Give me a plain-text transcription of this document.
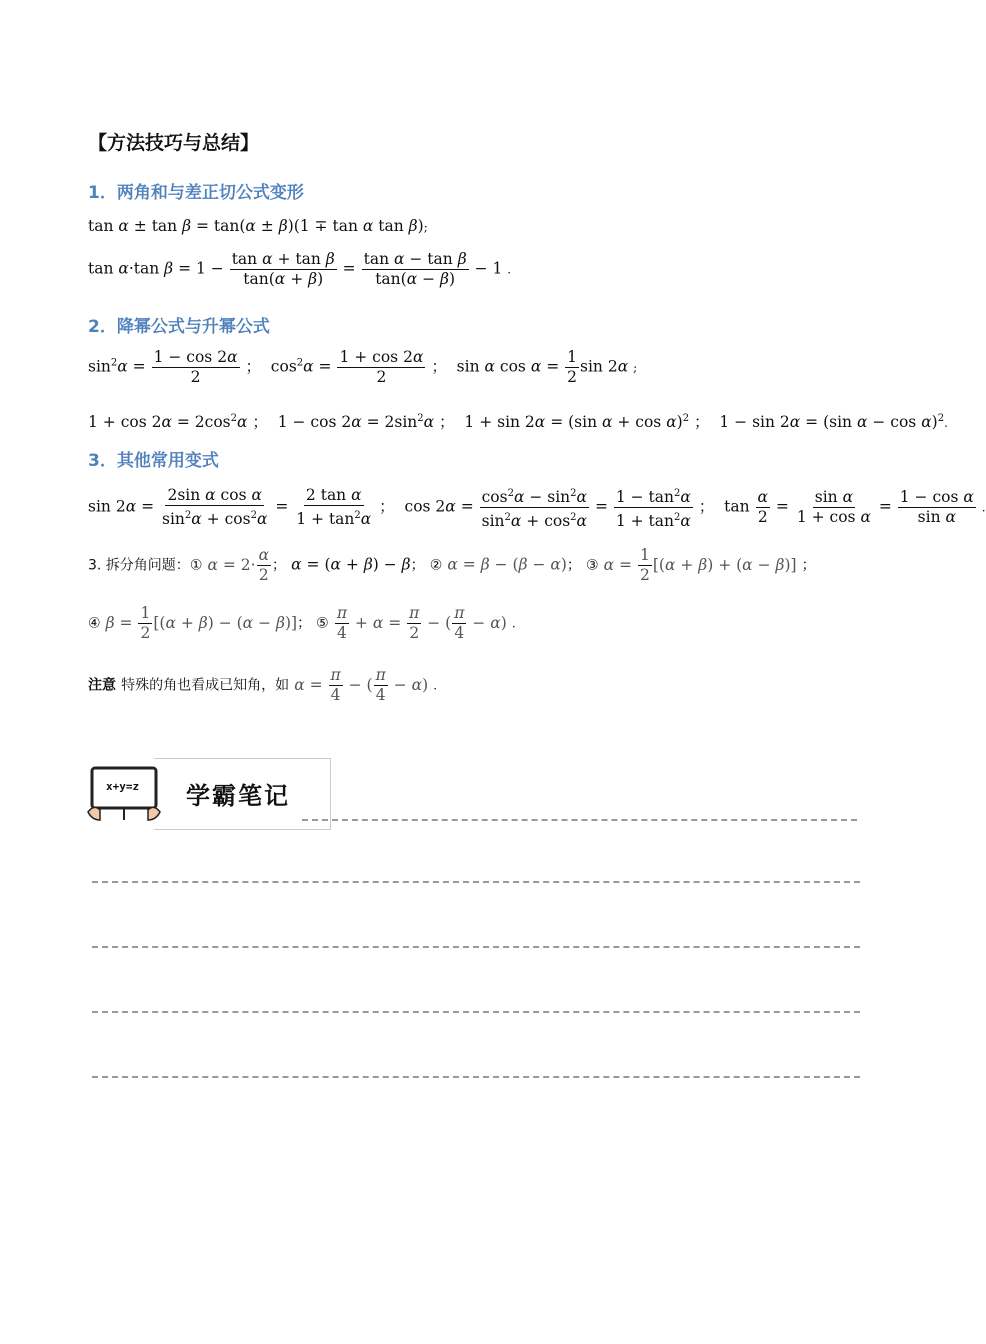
【方法技巧与总结】
1．两角和与差正切公式变形
tan α ± tan β = tan(α ± β)(1 ∓ tan α tan β);
tan α·tan $\beta = 1 - \frac{\text{tan α + tan β}}{\tan(\alpha + \beta)} = \frac{\text{tan α − tan β}}{\tan(\alpha - \beta)} - 1$ .
2．降幂公式与升幂公式
$\sin^2\alpha = \frac{1 - \cos 2\alpha}{2}$ ；  $\cos^2\alpha = \frac{1 + \cos 2\alpha}{2}$ ；  sin α $\cos \alpha = \frac{1}{2}$ sin 2α ;
$1 + \cos 2\alpha = 2\cos^2\alpha$ ；  $1 - \cos 2\alpha = 2\sin^2\alpha$ ；  1 + sin 2α = (sin α + cos α)$^2$ ；  1 − sin 2α = (sin α − cos α)$^2$.
3．其他常用变式
$\sin 2\alpha = \frac{\text{2sin α cos α}}{\sin^2\alpha + \cos^2\alpha} = \frac{\text{2 tan α}}{1 + \tan^2\alpha}$ ；  $\cos 2\alpha = \frac{\cos^2\alpha - \sin^2\alpha}{\sin^2\alpha + \cos^2\alpha} = \frac{1 - \tan^2\alpha}{1 + \tan^2\alpha}$ ；  $\tan \frac{\alpha}{2} = \frac{\text{sin α}}{\text{1 + cos α}} = \frac{\text{1 − cos α}}{\text{sin α}}$ .
3. 拆分角问题：① $\alpha = 2\cdot \frac{\alpha}{2}$ ； α = (α + β) − β； ② α = β − (β − α)； ③ $\alpha = \frac{1}{2} [(\alpha + \beta) + (\alpha - \beta)]$ ；
④ $\beta = \frac{1}{2} [(\alpha + \beta) - (\alpha - \beta)]$； ⑤ $\frac{\pi}{4} + \alpha = \frac{\pi}{2}$ − ( $\frac{\pi}{4} - \alpha$) .
注意 特殊的角也看成已知角，如 $\alpha = \frac{\pi}{4}$ − ( $\frac{\pi}{4} - \alpha$) .
x+y=z 学霸笔记
